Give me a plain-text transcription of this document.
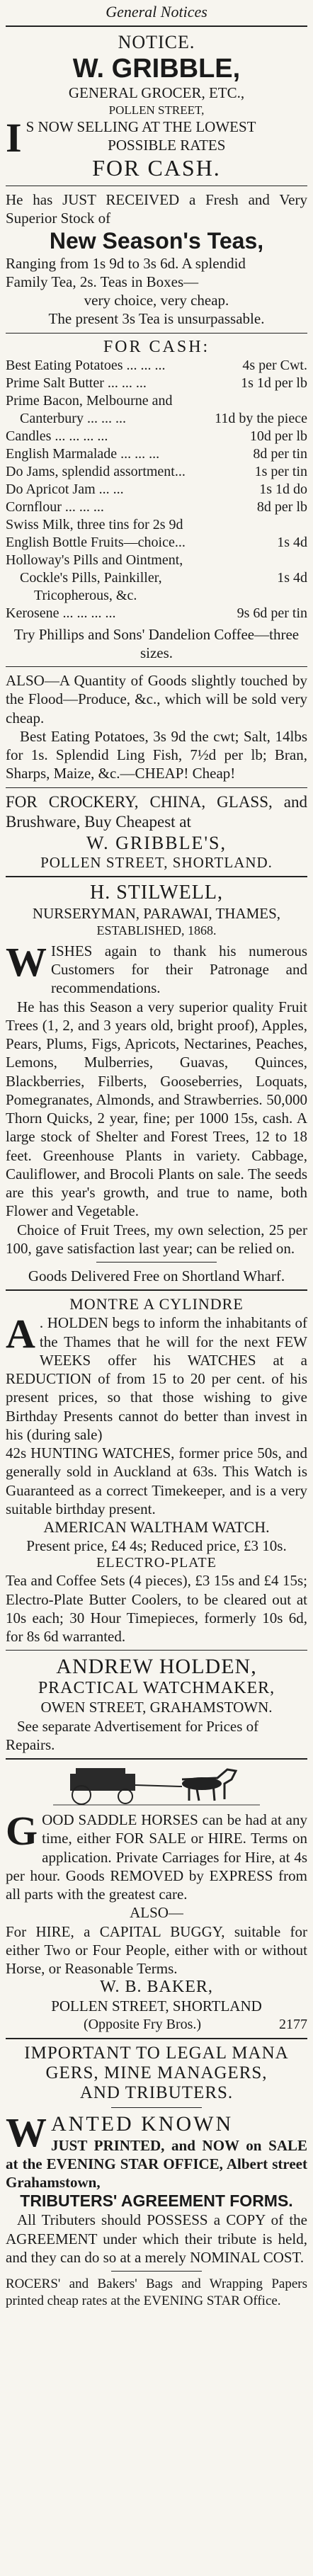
General Notices
NOTICE.
W. GRIBBLE,
GENERAL GROCER, ETC.,
POLLEN STREET,
I S NOW SELLING AT THE LOWEST
POSSIBLE RATES
FOR CASH.

He has JUST RECEIVED a Fresh and Very Superior Stock of

New Season's Teas,

Ranging from 1s 9d to 3s 6d. A splendid

Family Tea, 2s. Teas in Boxes—

very choice, very cheap.

The present 3s Tea is unsurpassable.

FOR CASH:
Best Eating Potatoes ... ... ...	4s per Cwt.
Prime Salt Butter ... ... ...	1s 1d per lb
Prime Bacon, Melbourne and
Canterbury ... ... ...	11d by the piece
Candles ... ... ... ...	10d per lb
English Marmalade ... ... ...	8d per tin
Do Jams, splendid assortment...	1s per tin
Do Apricot Jam ... ...	1s 1d do
Cornflour ... ... ...	8d per lb
Swiss Milk, three tins for 2s 9d
English Bottle Fruits—choice...	1s 4d
Holloway's Pills and Ointment,
Cockle's Pills, Painkiller,	1s 4d
Tricopherous, &c.
Kerosene ... ... ... ...	9s 6d per tin

Try Phillips and Sons' Dandelion Coffee—three sizes.

ALSO—A Quantity of Goods slightly touched by the Flood—Produce, &c., which will be sold very cheap.

Best Eating Potatoes, 3s 9d the cwt; Salt, 14lbs for 1s. Splendid Ling Fish, 7½d per lb; Bran, Sharps, Maize, &c.—CHEAP! Cheap!

FOR CROCKERY, CHINA, GLASS, and Brushware, Buy Cheapest at

W. GRIBBLE'S,
POLLEN STREET, SHORTLAND.
H. STILWELL,
NURSERYMAN, PARAWAI, THAMES,
ESTABLISHED, 1868.
W ISHES again to thank his numerous Customers for their Patronage and recommendations.

He has this Season a very superior quality Fruit Trees (1, 2, and 3 years old, bright proof), Apples, Pears, Plums, Figs, Apricots, Nectarines, Peaches, Lemons, Mulberries, Guavas, Quinces, Blackberries, Filberts, Gooseberries, Loquats, Pomegranates, Almonds, and Strawberries. 50,000 Thorn Quicks, 2 year, fine; per 1000 15s, cash. A large stock of Shelter and Forest Trees, 12 to 18 feet. Greenhouse Plants in variety. Cabbage, Cauliflower, and Brocoli Plants on sale. The seeds are this year's growth, and true to name, both Flower and Vegetable.

Choice of Fruit Trees, my own selection, 25 per 100, gave satisfaction last year; can be relied on.

Goods Delivered Free on Shortland Wharf.
MONTRE A CYLINDRE
A . HOLDEN begs to inform the inhabitants of the Thames that he will for the next FEW WEEKS offer his WATCHES at a REDUCTION of from 15 to 20 per cent. of his present prices, so that those wishing to give Birthday Presents cannot do better than invest in his (during sale)

42s HUNTING WATCHES, former price 50s, and generally sold in Auckland at 63s. This Watch is Guaranteed as a correct Timekeeper, and is a very suitable birthday present.

AMERICAN WALTHAM WATCH.
Present price, £4 4s; Reduced price, £3 10s.
ELECTRO-PLATE

Tea and Coffee Sets (4 pieces), £3 15s and £4 15s; Electro-Plate Butter Coolers, to be cleared out at 10s each; 30 Hour Timepieces, formerly 10s 6d, for 8s 6d warranted.

ANDREW HOLDEN,
PRACTICAL WATCHMAKER,
OWEN STREET, GRAHAMSTOWN.

See separate Advertisement for Prices of Repairs.

G OOD SADDLE HORSES can be had at any time, either FOR SALE or HIRE. Terms on application. Private Carriages for Hire, at 4s per hour. Goods REMOVED by EXPRESS from all parts with the greatest care.

ALSO—

For HIRE, a CAPITAL BUGGY, suitable for either Two or Four People, either with or without Horse, or Reasonable Terms.

W. B. BAKER,
POLLEN STREET, SHORTLAND
(Opposite Fry Bros.)	2177
IMPORTANT TO LEGAL MANA
GERS, MINE MANAGERS,
AND TRIBUTERS.
W ANTED KNOWN

JUST PRINTED, and NOW on SALE at the EVENING STAR OFFICE, Albert street Grahamstown,

TRIBUTERS' AGREEMENT FORMS.

All Tributers should POSSESS a COPY of the AGREEMENT under which their tribute is held, and they can do so at a merely NOMINAL COST.

ROCERS' and Bakers' Bags and Wrapping Papers printed cheap rates at the EVENING STAR Office.
